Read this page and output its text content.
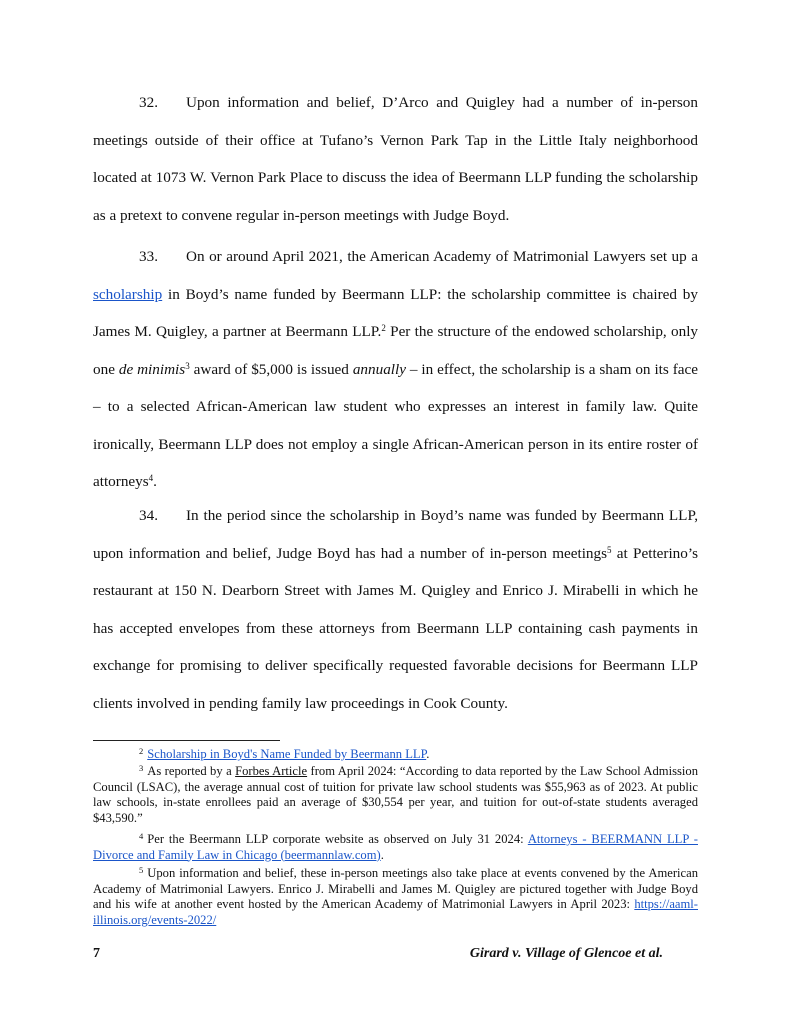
32. Upon information and belief, D’Arco and Quigley had a number of in-person meetings outside of their office at Tufano’s Vernon Park Tap in the Little Italy neighborhood located at 1073 W. Vernon Park Place to discuss the idea of Beermann LLP funding the scholarship as a pretext to convene regular in-person meetings with Judge Boyd.

33. On or around April 2021, the American Academy of Matrimonial Lawyers set up a scholarship in Boyd’s name funded by Beermann LLP: the scholarship committee is chaired by James M. Quigley, a partner at Beermann LLP.$^2$ Per the structure of the endowed scholarship, only one de minimis$^3$ award of $5,000 is issued annually – in effect, the scholarship is a sham on its face – to a selected African-American law student who expresses an interest in family law. Quite ironically, Beermann LLP does not employ a single African-American person in its entire roster of attorneys$^4$.

34. In the period since the scholarship in Boyd’s name was funded by Beermann LLP, upon information and belief, Judge Boyd has had a number of in-person meetings$^5$ at Petterino’s restaurant at 150 N. Dearborn Street with James M. Quigley and Enrico J. Mirabelli in which he has accepted envelopes from these attorneys from Beermann LLP containing cash payments in exchange for promising to deliver specifically requested favorable decisions for Beermann LLP clients involved in pending family law proceedings in Cook County.

2 Scholarship in Boyd's Name Funded by Beermann LLP.

3 As reported by a Forbes Article from April 2024: “According to data reported by the Law School Admission Council (LSAC), the average annual cost of tuition for private law school students was $55,963 as of 2023. At public law schools, in-state enrollees paid an average of $30,554 per year, and tuition for out-of-state students averaged $43,590.”

4 Per the Beermann LLP corporate website as observed on July 31 2024: Attorneys - BEERMANN LLP - Divorce and Family Law in Chicago (beermannlaw.com).

5 Upon information and belief, these in-person meetings also take place at events convened by the American Academy of Matrimonial Lawyers. Enrico J. Mirabelli and James M. Quigley are pictured together with Judge Boyd and his wife at another event hosted by the American Academy of Matrimonial Lawyers in April 2023: https://aaml-illinois.org/events-2022/

7	Girard v. Village of Glencoe et al.
